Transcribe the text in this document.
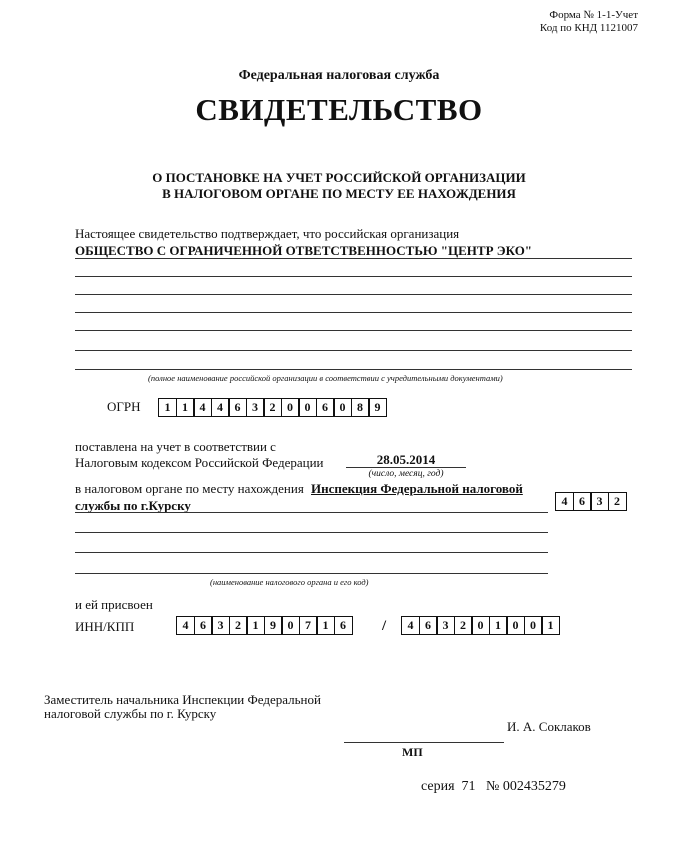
Форма № 1-1-Учет
Код по КНД 1121007
Федеральная налоговая служба
СВИДЕТЕЛЬСТВО
О ПОСТАНОВКЕ НА УЧЕТ РОССИЙСКОЙ ОРГАНИЗАЦИИ
В НАЛОГОВОМ ОРГАНЕ ПО МЕСТУ ЕЕ НАХОЖДЕНИЯ
Настоящее свидетельство подтверждает, что российская организация
ОБЩЕСТВО С ОГРАНИЧЕННОЙ ОТВЕТСТВЕННОСТЬЮ "ЦЕНТР ЭКО"
(полное наименование российской организации в соответствии с учредительными документами)
ОГРН	1 1 4 4 6 3 2 0 0 6 0 8 9
поставлена на учет в соответствии с
Налоговым кодексом Российской Федерации	28.05.2014
(число, месяц, год)
в налоговом органе по месту нахождения Инспекция Федеральной налоговой
службы по г.Курску	4 6 3 2
(наименование налогового органа и его код)
и ей присвоен
ИНН/КПП	4 6 3 2 1 9 0 7 1 6	/	4 6 3 2 0 1 0 0 1
Заместитель начальника Инспекции Федеральной
налоговой службы по г. Курску
И. А. Соклаков
МП
серия  71   № 002435279
